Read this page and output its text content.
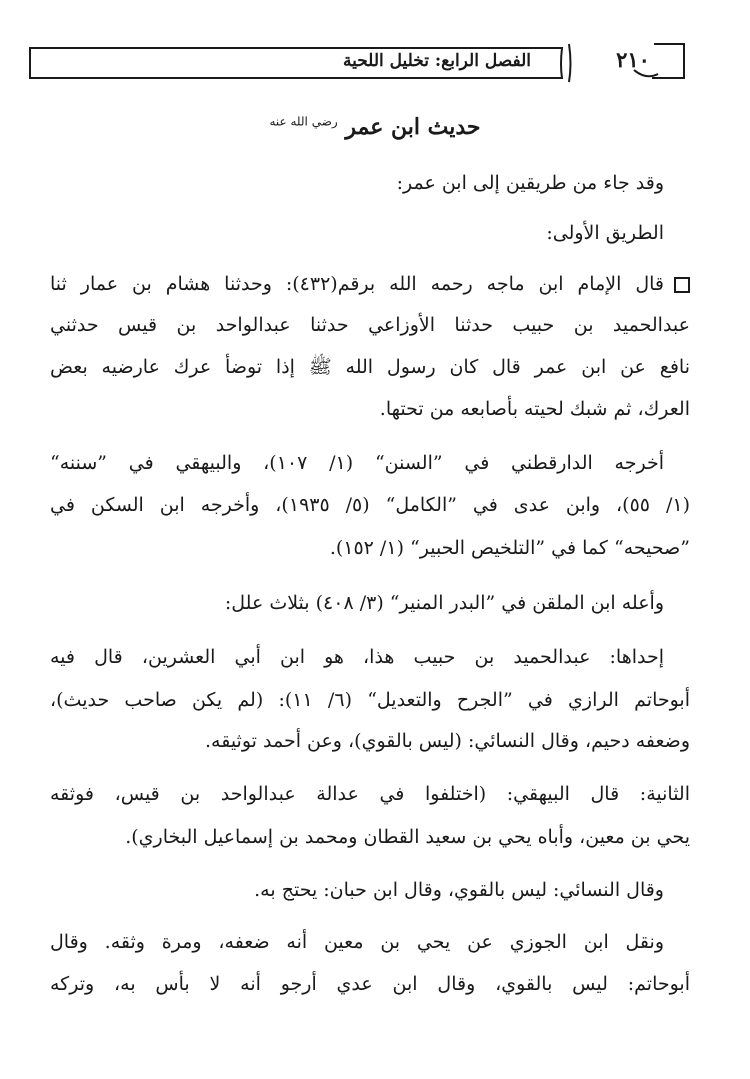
الفصل الرابع: تخليل اللحية	٢١٠
حديث ابن عمر $^{رضي الله عنه}$
وقد جاء من طريقين إلى ابن عمر:
الطريق الأولى:
قال الإمام ابن ماجه رحمه الله برقم(٤٣٢): وحدثنا هشام بن عمار ثنا
عبدالحميد بن حبيب حدثنا الأوزاعي حدثنا عبدالواحد بن قيس حدثني
نافع عن ابن عمر قال كان رسول الله ﷺ إذا توضأ عرك عارضيه بعض
العرك، ثم شبك لحيته بأصابعه من تحتها.
أخرجه الدارقطني في ”السنن“ (١/ ١٠٧)، والبيهقي في ”سننه“
(١/ ٥٥)، وابن عدى في ”الكامل“ (٥/ ١٩٣٥)، وأخرجه ابن السكن في
”صحيحه“ كما في ”التلخيص الحبير“ (١/ ١٥٢).
وأعله ابن الملقن في ”البدر المنير“ (٣/ ٤٠٨) بثلاث علل:
إحداها: عبدالحميد بن حبيب هذا، هو ابن أبي العشرين، قال فيه
أبوحاتم الرازي في ”الجرح والتعديل“ (٦/ ١١): (لم يكن صاحب حديث)،
وضعفه دحيم، وقال النسائي: (ليس بالقوي)، وعن أحمد توثيقه.
الثانية: قال البيهقي: (اختلفوا في عدالة عبدالواحد بن قيس، فوثقه
يحي بن معين، وأباه يحي بن سعيد القطان ومحمد بن إسماعيل البخاري).
وقال النسائي: ليس بالقوي، وقال ابن حبان: يحتج به.
ونقل ابن الجوزي عن يحي بن معين أنه ضعفه، ومرة وثقه. وقال
أبوحاتم: ليس بالقوي، وقال ابن عدي أرجو أنه لا بأس به، وتركه
